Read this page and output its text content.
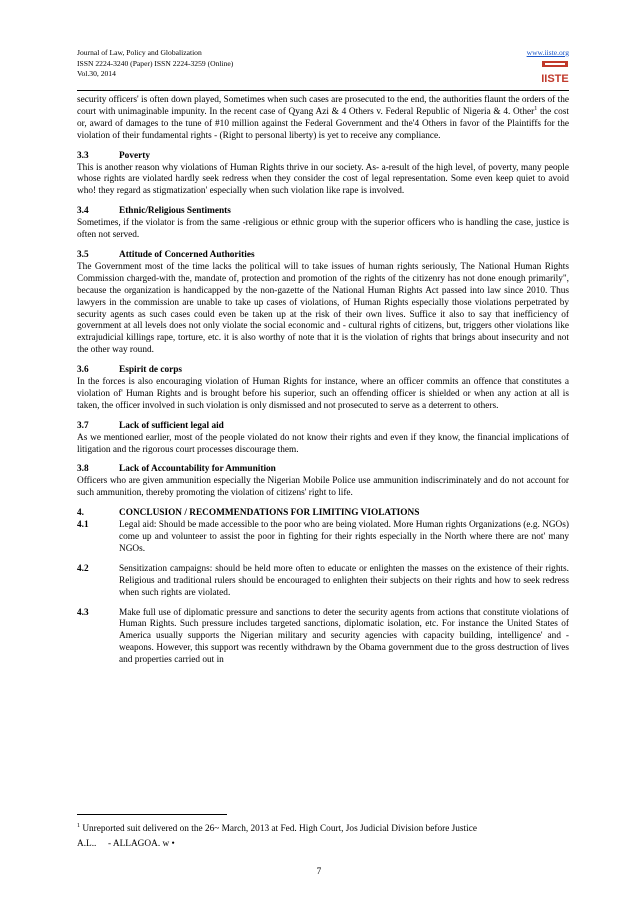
Journal of Law, Policy and Globalization
ISSN 2224-3240 (Paper) ISSN 2224-3259 (Online)
Vol.30, 2014
www.iiste.org
IISTE

security officers' is often down played, Sometimes when such cases are prosecuted to the end, the authorities flaunt the orders of the court with unimaginable impunity. In the recent case of Qyang Azi & 4 Others v. Federal Republic of Nigeria & 4. Other$^1$ the cost or, award of damages to the tune of #10 million against the Federal Government and the'4 Others in favor of the Plaintiffs for the violation of their fundamental rights - (Right to personal liberty) is yet to receive any compliance.

3.3	Poverty

This is another reason why violations of Human Rights thrive in our society. As- a-result of the high level, of poverty, many people whose rights are violated hardly seek redress when they consider the cost of legal representation. Some even keep quiet to avoid who! they regard as stigmatization' especially when such violation like rape is involved.

3.4	Ethnic/Religious Sentiments

Sometimes, if the violator is from the same -religious or ethnic group with the superior officers who is handling the case, justice is often not served.

3.5	Attitude of Concerned Authorities

The Government most of the time lacks the political will to take issues of human rights seriously, The National Human Rights Commission charged-with the, mandate of, protection and promotion of the rights of the citizenry has not done enough primarily", because the organization is handicapped by the non-gazette of the National Human Rights Act passed into law since 2010. Thus lawyers in the commission are unable to take up cases of violations, of Human Rights especially those violations perpetrated by security agents as such cases could even be taken up at the risk of their own lives. Suffice it also to say that inefficiency of government at all levels does not only violate the social economic and - cultural rights of citizens, but, triggers other violations like extrajudicial killings rape, torture, etc. it is also worthy of note that it is the violation of rights that brings about insecurity and not the other way round.

3.6	Espirit de corps

In the forces is also encouraging violation of Human Rights for instance, where an officer commits an offence that constitutes a violation of' Human Rights and is brought before his superior, such an offending officer is shielded or when any action at all is taken, the officer involved in such violation is only dismissed and not prosecuted to serve as a deterrent to others.

3.7	Lack of sufficient legal aid

As we mentioned earlier, most of the people violated do not know their rights and even if they know, the financial implications of litigation and the rigorous court processes discourage them.

3.8	Lack of Accountability for Ammunition

Officers who are given ammunition especially the Nigerian Mobile Police use ammunition indiscriminately and do not account for such ammunition, thereby promoting the violation of citizens' right to life.

4.	CONCLUSION / RECOMMENDATIONS FOR LIMITING VIOLATIONS
4.1	Legal aid: Should be made accessible to the poor who are being violated. More Human rights Organizations (e.g. NGOs) come up and volunteer to assist the poor in fighting for their rights especially in the North where there are not' many NGOs.
4.2	Sensitization campaigns: should be held more often to educate or enlighten the masses on the existence of their rights. Religious and traditional rulers should be encouraged to enlighten their subjects on their rights and how to seek redress when such rights are violated.
4.3	Make full use of diplomatic pressure and sanctions to deter the security agents from actions that constitute violations of Human Rights. Such pressure includes targeted sanctions, diplomatic isolation, etc. For instance the United States of America usually supports the Nigerian military and security agencies with capacity building, intelligence' and - weapons. However, this support was recently withdrawn by the Obama government due to the gross destruction of lives and properties carried out in
$^1$ Unreported suit delivered on the 26~ March, 2013 at Fed. High Court, Jos Judicial Division before Justice
A.L..     - ALLAGOA. w •
7
